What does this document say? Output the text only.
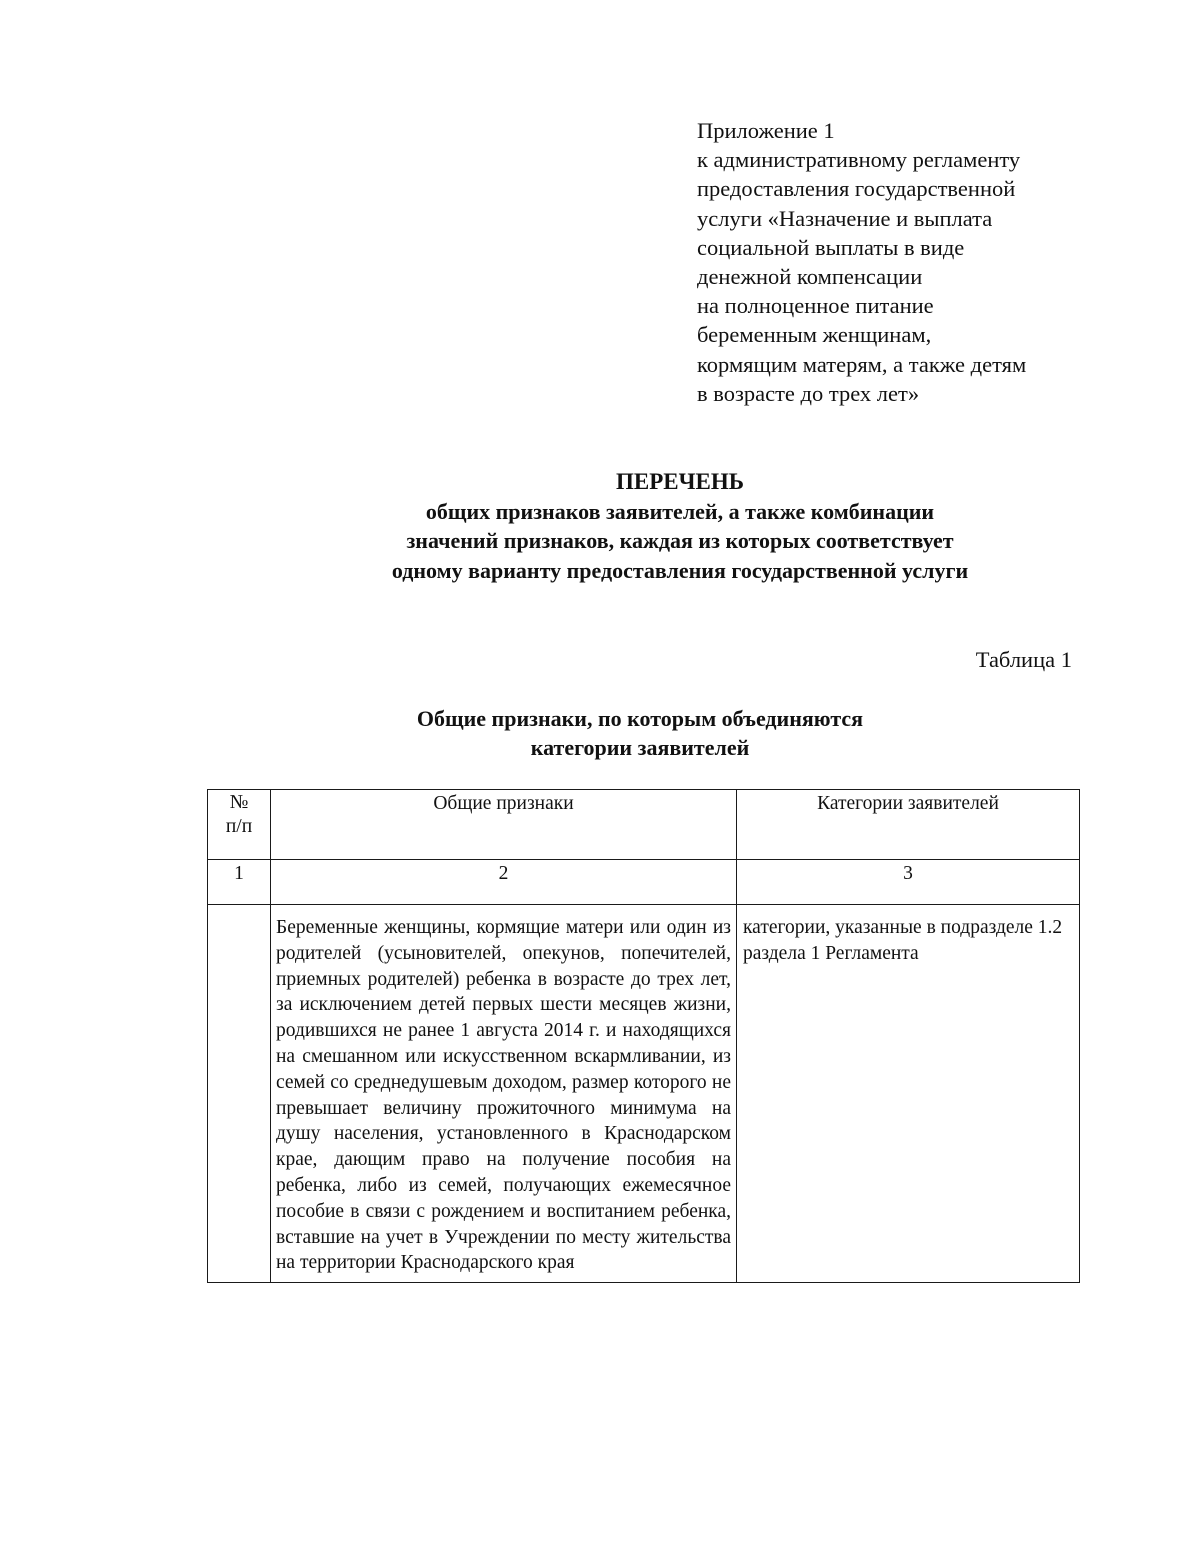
Приложение 1
к административному регламенту
предоставления государственной
услуги «Назначение и выплата
социальной выплаты в виде
денежной компенсации
на полноценное питание
беременным женщинам,
кормящим матерям, а также детям
в возрасте до трех лет»
ПЕРЕЧЕНЬ
общих признаков заявителей, а также комбинации
значений признаков, каждая из которых соответствует
одному варианту предоставления государственной услуги
Таблица 1
Общие признаки, по которым объединяются
категории заявителей
№
п/п	Общие признаки	Категории заявителей
1	2	3
	Беременные женщины, кормящие матери или один из родителей (усыновителей, опекунов, попечителей, приемных родителей) ребенка в возрасте до трех лет, за исключением детей первых шести месяцев жизни, родившихся не ранее 1 августа 2014 г. и находящихся на смешанном или искусственном вскармливании, из семей со среднедушевым доходом, размер которого не превышает величину прожиточного минимума на душу населения, установленного в Краснодарском крае, дающим право на получение пособия на ребенка, либо из семей, получающих ежемесячное пособие в связи с рождением и воспитанием ребенка, вставшие на учет в Учреждении по месту жительства на территории Краснодарского края	категории, указанные в подразделе 1.2 раздела 1 Регламента
